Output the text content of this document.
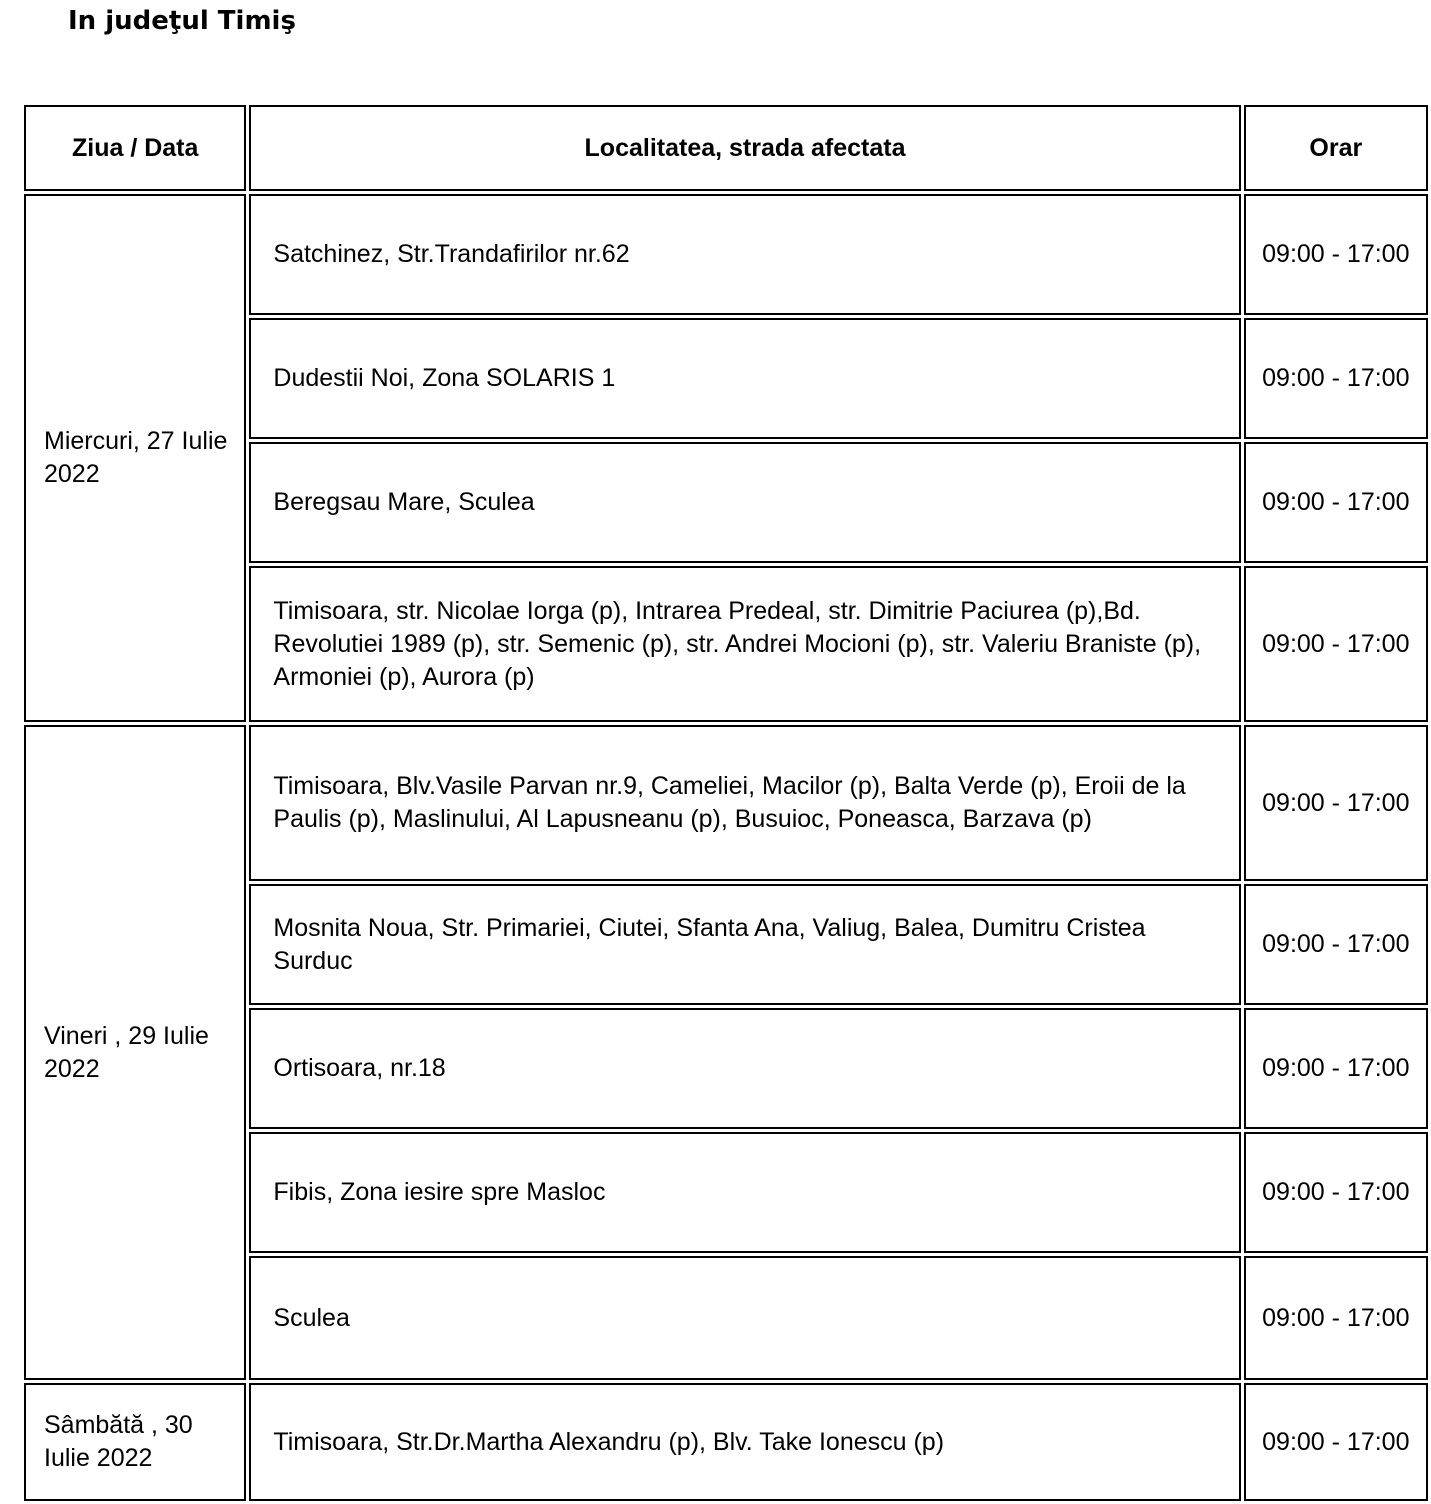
In judeţul Timiş
Ziua / Data	Localitatea, strada afectata	Orar
Miercuri, 27 Iulie 2022	Satchinez, Str.Trandafirilor nr.62	09:00 - 17:00
	Dudestii Noi, Zona SOLARIS 1	09:00 - 17:00
	Beregsau Mare, Sculea	09:00 - 17:00
	Timisoara, str. Nicolae Iorga (p), Intrarea Predeal, str. Dimitrie Paciurea (p),Bd. Revolutiei 1989 (p), str. Semenic (p), str. Andrei Mocioni (p), str. Valeriu Braniste (p), Armoniei (p), Aurora (p)	09:00 - 17:00
Vineri , 29 Iulie 2022	Timisoara, Blv.Vasile Parvan nr.9, Cameliei, Macilor (p), Balta Verde (p), Eroii de la Paulis (p), Maslinului, Al Lapusneanu (p), Busuioc, Poneasca, Barzava (p)	09:00 - 17:00
	Mosnita Noua, Str. Primariei, Ciutei, Sfanta Ana, Valiug, Balea, Dumitru Cristea Surduc	09:00 - 17:00
	Ortisoara, nr.18	09:00 - 17:00
	Fibis, Zona iesire spre Masloc	09:00 - 17:00
	Sculea	09:00 - 17:00
Sâmbătă , 30 Iulie 2022	Timisoara, Str.Dr.Martha Alexandru (p), Blv. Take Ionescu (p)	09:00 - 17:00
